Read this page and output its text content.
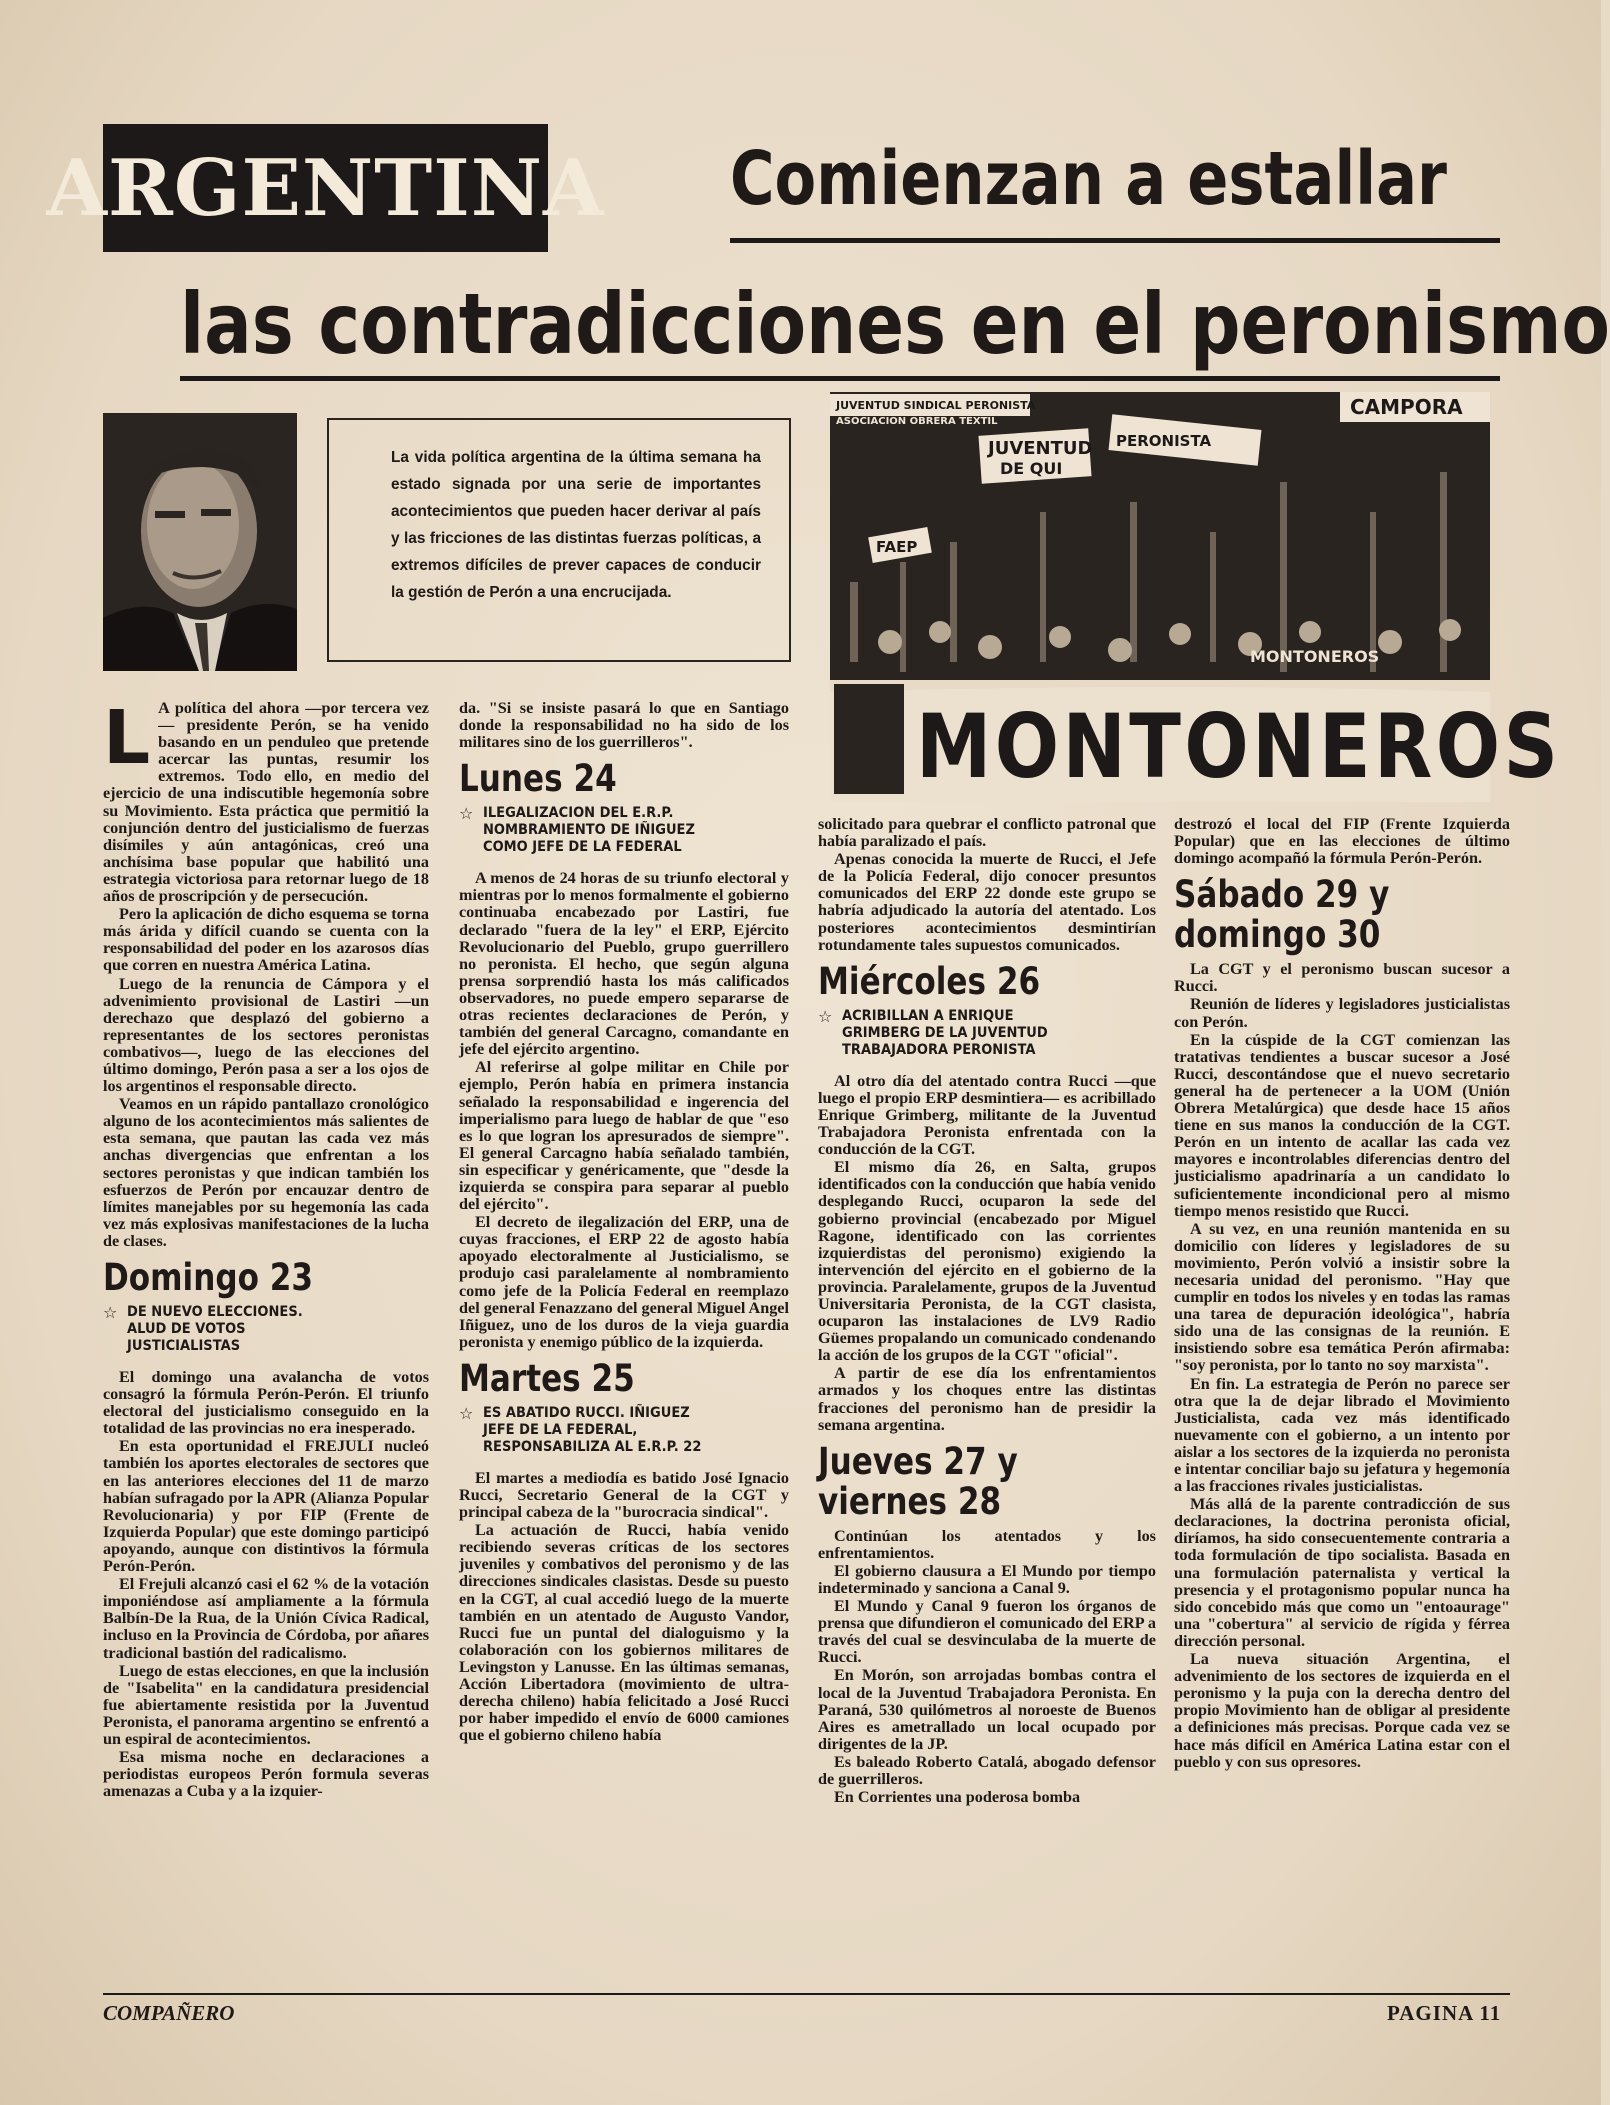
ARGENTINA Comienzan a estallar
las contradicciones en el peronismo
La vida política argentina de la última semana ha estado signada por una serie de importantes acontecimientos que pueden hacer derivar al país y las fricciones de las distintas fuerzas políticas, a extremos difíciles de prever capaces de conducir la gestión de Perón a una encrucijada.
JUVENTUD SINDICAL PERONISTA
ASOCIACION OBRERA TEXTIL
JUVENTUD
DE QUI
PERONISTA
CAMPORA
FAEP
MONTONEROS
MONTONEROS

L A política del ahora —por tercera vez— presidente Perón, se ha venido basando en un penduleo que pretende acercar las puntas, resumir los extremos. Todo ello, en medio del ejercicio de una indiscutible hegemonía sobre su Movimiento. Esta práctica que permitió la conjunción dentro del justicialismo de fuerzas disímiles y aún antagónicas, creó una anchísima base popular que habilitó una estrategia victoriosa para retornar luego de 18 años de proscripción y de persecución.

Pero la aplicación de dicho esquema se torna más árida y difícil cuando se cuenta con la responsabilidad del poder en los azarosos días que corren en nuestra América Latina.

Luego de la renuncia de Cámpora y el advenimiento provisional de Lastiri —un derechazo que desplazó del gobierno a representantes de los sectores peronistas combativos—, luego de las elecciones del último domingo, Perón pasa a ser a los ojos de los argentinos el responsable directo.

Veamos en un rápido pantallazo cronológico alguno de los acontecimientos más salientes de esta semana, que pautan las cada vez más anchas divergencias que enfrentan a los sectores peronistas y que indican también los esfuerzos de Perón por encauzar dentro de límites manejables por su hegemonía las cada vez más explosivas manifestaciones de la lucha de clases.

Domingo 23
☆ DE NUEVO ELECCIONES.
ALUD DE VOTOS
JUSTICIALISTAS

El domingo una avalancha de votos consagró la fórmula Perón-Perón. El triunfo electoral del justicialismo conseguido en la totalidad de las provincias no era inesperado.

En esta oportunidad el FREJULI nucleó también los aportes electorales de sectores que en las anteriores elecciones del 11 de marzo habían sufragado por la APR (Alianza Popular Revolucionaria) y por FIP (Frente de Izquierda Popular) que este domingo participó apoyando, aunque con distintivos la fórmula Perón-Perón.

El Frejuli alcanzó casi el 62 % de la votación imponiéndose así ampliamente a la fórmula Balbín-De la Rua, de la Unión Cívica Radical, incluso en la Provincia de Córdoba, por añares tradicional bastión del radicalismo.

Luego de estas elecciones, en que la inclusión de "Isabelita" en la candidatura presidencial fue abiertamente resistida por la Juventud Peronista, el panorama argentino se enfrentó a un espiral de acontecimientos.

Esa misma noche en declaraciones a periodistas europeos Perón formula severas amenazas a Cuba y a la izquier-

da. "Si se insiste pasará lo que en Santiago donde la responsabilidad no ha sido de los militares sino de los guerrilleros".

Lunes 24
☆ ILEGALIZACION DEL E.R.P.
NOMBRAMIENTO DE IÑIGUEZ
COMO JEFE DE LA FEDERAL

A menos de 24 horas de su triunfo electoral y mientras por lo menos formalmente el gobierno continuaba encabezado por Lastiri, fue declarado "fuera de la ley" el ERP, Ejército Revolucionario del Pueblo, grupo guerrillero no peronista. El hecho, que según alguna prensa sorprendió hasta los más calificados observadores, no puede empero separarse de otras recientes declaraciones de Perón, y también del general Carcagno, comandante en jefe del ejército argentino.

Al referirse al golpe militar en Chile por ejemplo, Perón había en primera instancia señalado la responsabilidad e ingerencia del imperialismo para luego de hablar de que "eso es lo que logran los apresurados de siempre". El general Carcagno había señalado también, sin especificar y genéricamente, que "desde la izquierda se conspira para separar al pueblo del ejército".

El decreto de ilegalización del ERP, una de cuyas fracciones, el ERP 22 de agosto había apoyado electoralmente al Justicialismo, se produjo casi paralelamente al nombramiento como jefe de la Policía Federal en reemplazo del general Fenazzano del general Miguel Angel Iñiguez, uno de los duros de la vieja guardia peronista y enemigo público de la izquierda.

Martes 25
☆ ES ABATIDO RUCCI. IÑIGUEZ
JEFE DE LA FEDERAL,
RESPONSABILIZA AL E.R.P. 22

El martes a mediodía es batido José Ignacio Rucci, Secretario General de la CGT y principal cabeza de la "burocracia sindical".

La actuación de Rucci, había venido recibiendo severas críticas de los sectores juveniles y combativos del peronismo y de las direcciones sindicales clasistas. Desde su puesto en la CGT, al cual accedió luego de la muerte también en un atentado de Augusto Vandor, Rucci fue un puntal del dialoguismo y la colaboración con los gobiernos militares de Levingston y Lanusse. En las últimas semanas, Acción Libertadora (movimiento de ultra-derecha chileno) había felicitado a José Rucci por haber impedido el envío de 6000 camiones que el gobierno chileno había

solicitado para quebrar el conflicto patronal que había paralizado el país.

Apenas conocida la muerte de Rucci, el Jefe de la Policía Federal, dijo conocer presuntos comunicados del ERP 22 donde este grupo se habría adjudicado la autoría del atentado. Los posteriores acontecimientos desmintirían rotundamente tales supuestos comunicados.

Miércoles 26
☆ ACRIBILLAN A ENRIQUE
GRIMBERG DE LA JUVENTUD
TRABAJADORA PERONISTA

Al otro día del atentado contra Rucci —que luego el propio ERP desmintiera— es acribillado Enrique Grimberg, militante de la Juventud Trabajadora Peronista enfrentada con la conducción de la CGT.

El mismo día 26, en Salta, grupos identificados con la conducción que había venido desplegando Rucci, ocuparon la sede del gobierno provincial (encabezado por Miguel Ragone, identificado con las corrientes izquierdistas del peronismo) exigiendo la intervención del ejército en el gobierno de la provincia. Paralelamente, grupos de la Juventud Universitaria Peronista, de la CGT clasista, ocuparon las instalaciones de LV9 Radio Güemes propalando un comunicado condenando la acción de los grupos de la CGT "oficial".

A partir de ese día los enfrentamientos armados y los choques entre las distintas fracciones del peronismo han de presidir la semana argentina.

Jueves 27 y
viernes 28

Continúan los atentados y los enfrentamientos.

El gobierno clausura a El Mundo por tiempo indeterminado y sanciona a Canal 9.

El Mundo y Canal 9 fueron los órganos de prensa que difundieron el comunicado del ERP a través del cual se desvinculaba de la muerte de Rucci.

En Morón, son arrojadas bombas contra el local de la Juventud Trabajadora Peronista. En Paraná, 530 quilómetros al noroeste de Buenos Aires es ametrallado un local ocupado por dirigentes de la JP.

Es baleado Roberto Catalá, abogado defensor de guerrilleros.

En Corrientes una poderosa bomba

destrozó el local del FIP (Frente Izquierda Popular) que en las elecciones de último domingo acompañó la fórmula Perón-Perón.

Sábado 29 y
domingo 30

La CGT y el peronismo buscan sucesor a Rucci.

Reunión de líderes y legisladores justicialistas con Perón.

En la cúspide de la CGT comienzan las tratativas tendientes a buscar sucesor a José Rucci, descontándose que el nuevo secretario general ha de pertenecer a la UOM (Unión Obrera Metalúrgica) que desde hace 15 años tiene en sus manos la conducción de la CGT. Perón en un intento de acallar las cada vez mayores e incontrolables diferencias dentro del justicialismo apadrinaría a un candidato lo suficientemente incondicional pero al mismo tiempo menos resistido que Rucci.

A su vez, en una reunión mantenida en su domicilio con líderes y legisladores de su movimiento, Perón volvió a insistir sobre la necesaria unidad del peronismo. "Hay que cumplir en todos los niveles y en todas las ramas una tarea de depuración ideológica", habría sido una de las consignas de la reunión. E insistiendo sobre esa temática Perón afirmaba: "soy peronista, por lo tanto no soy marxista".

En fin. La estrategia de Perón no parece ser otra que la de dejar librado el Movimiento Justicialista, cada vez más identificado nuevamente con el gobierno, a un intento por aislar a los sectores de la izquierda no peronista e intentar conciliar bajo su jefatura y hegemonía a las fracciones rivales justicialistas.

Más allá de la parente contradicción de sus declaraciones, la doctrina peronista oficial, diríamos, ha sido consecuentemente contraria a toda formulación de tipo socialista. Basada en una formulación paternalista y vertical la presencia y el protagonismo popular nunca ha sido concebido más que como un "entoaurage" una "cobertura" al servicio de rígida y férrea dirección personal.

La nueva situación Argentina, el advenimiento de los sectores de izquierda en el peronismo y la puja con la derecha dentro del propio Movimiento han de obligar al presidente a definiciones más precisas. Porque cada vez se hace más difícil en América Latina estar con el pueblo y con sus opresores.

COMPAÑERO	PAGINA 11
